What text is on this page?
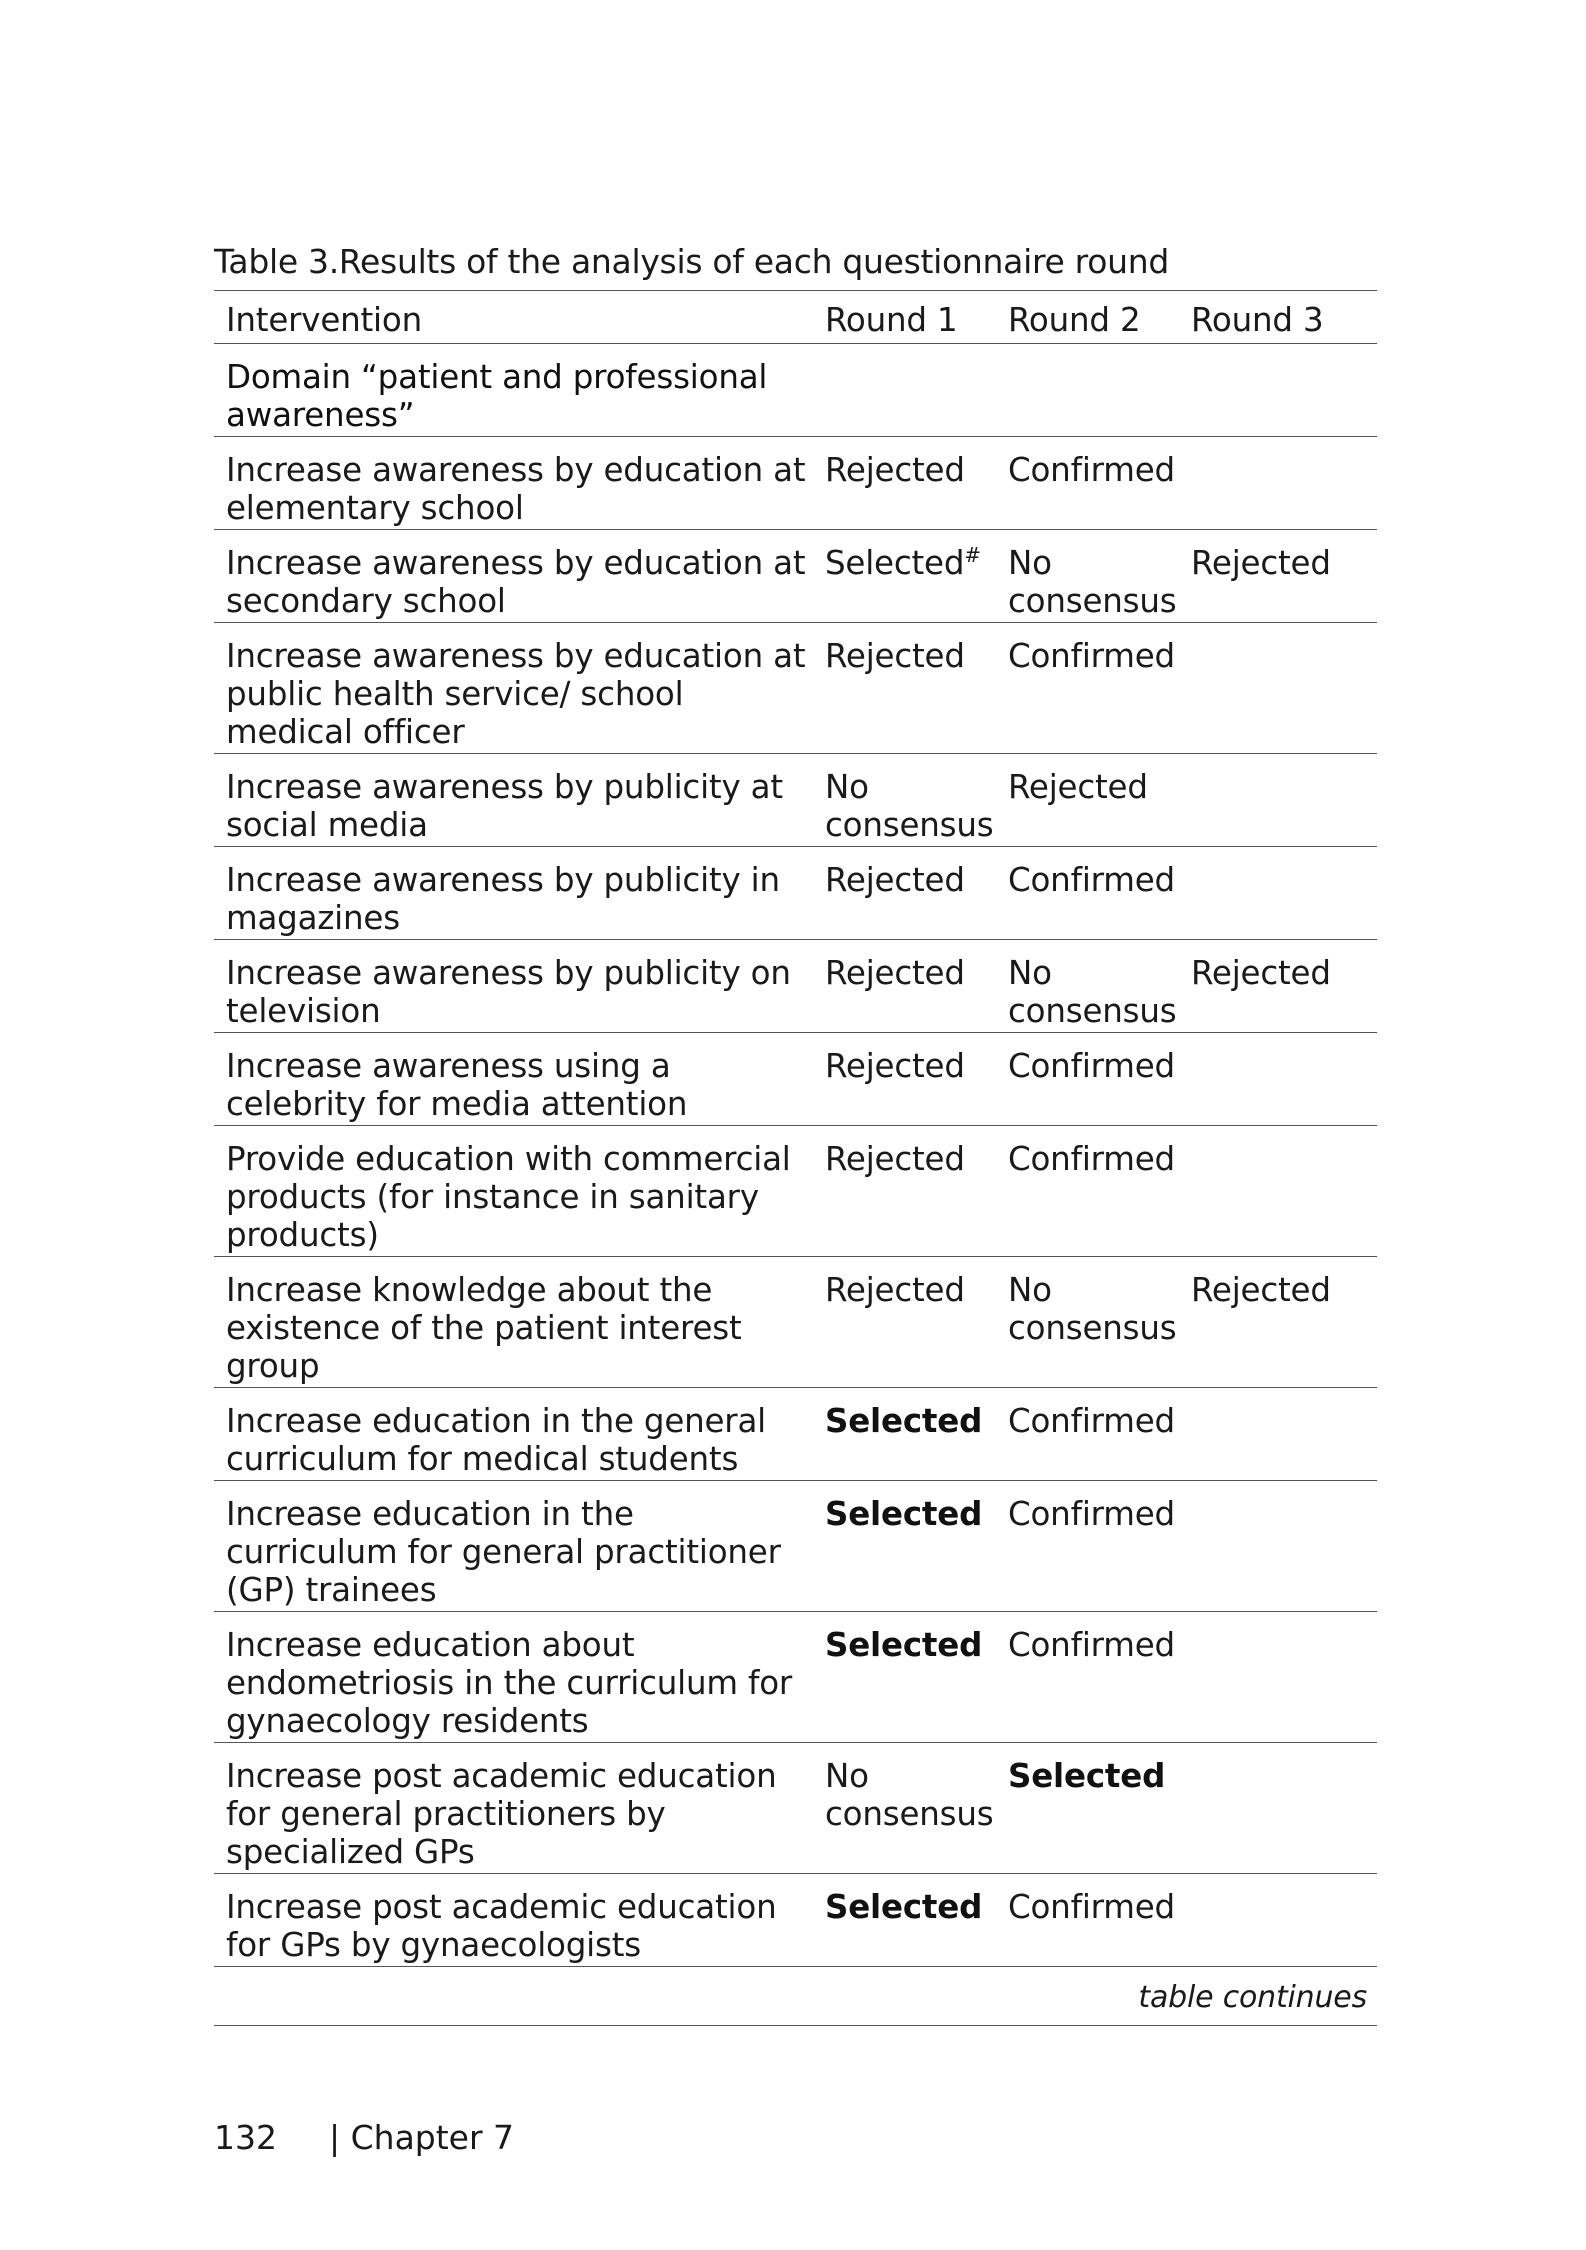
Table 3.Results of the analysis of each questionnaire round
Intervention	Round 1	Round 2	Round 3
Domain “patient and professional awareness”			
Increase awareness by education at elementary school	Rejected	Confirmed	
Increase awareness by education at secondary school	Selected#	No consensus	Rejected
Increase awareness by education at public health service/ school medical officer	Rejected	Confirmed	
Increase awareness by publicity at social media	No consensus	Rejected	
Increase awareness by publicity in magazines	Rejected	Confirmed	
Increase awareness by publicity on television	Rejected	No consensus	Rejected
Increase awareness using a celebrity for media attention	Rejected	Confirmed	
Provide education with commercial products (for instance in sanitary products)	Rejected	Confirmed	
Increase knowledge about the existence of the patient interest group	Rejected	No consensus	Rejected
Increase education in the general curriculum for medical students	Selected	Confirmed	
Increase education in the curriculum for general practitioner (GP) trainees	Selected	Confirmed	
Increase education about endometriosis in the curriculum for gynaecology residents	Selected	Confirmed	
Increase post academic education for general practitioners by specialized GPs	No consensus	Selected	
Increase post academic education for GPs by gynaecologists	Selected	Confirmed	
table continues			
132 | Chapter 7
